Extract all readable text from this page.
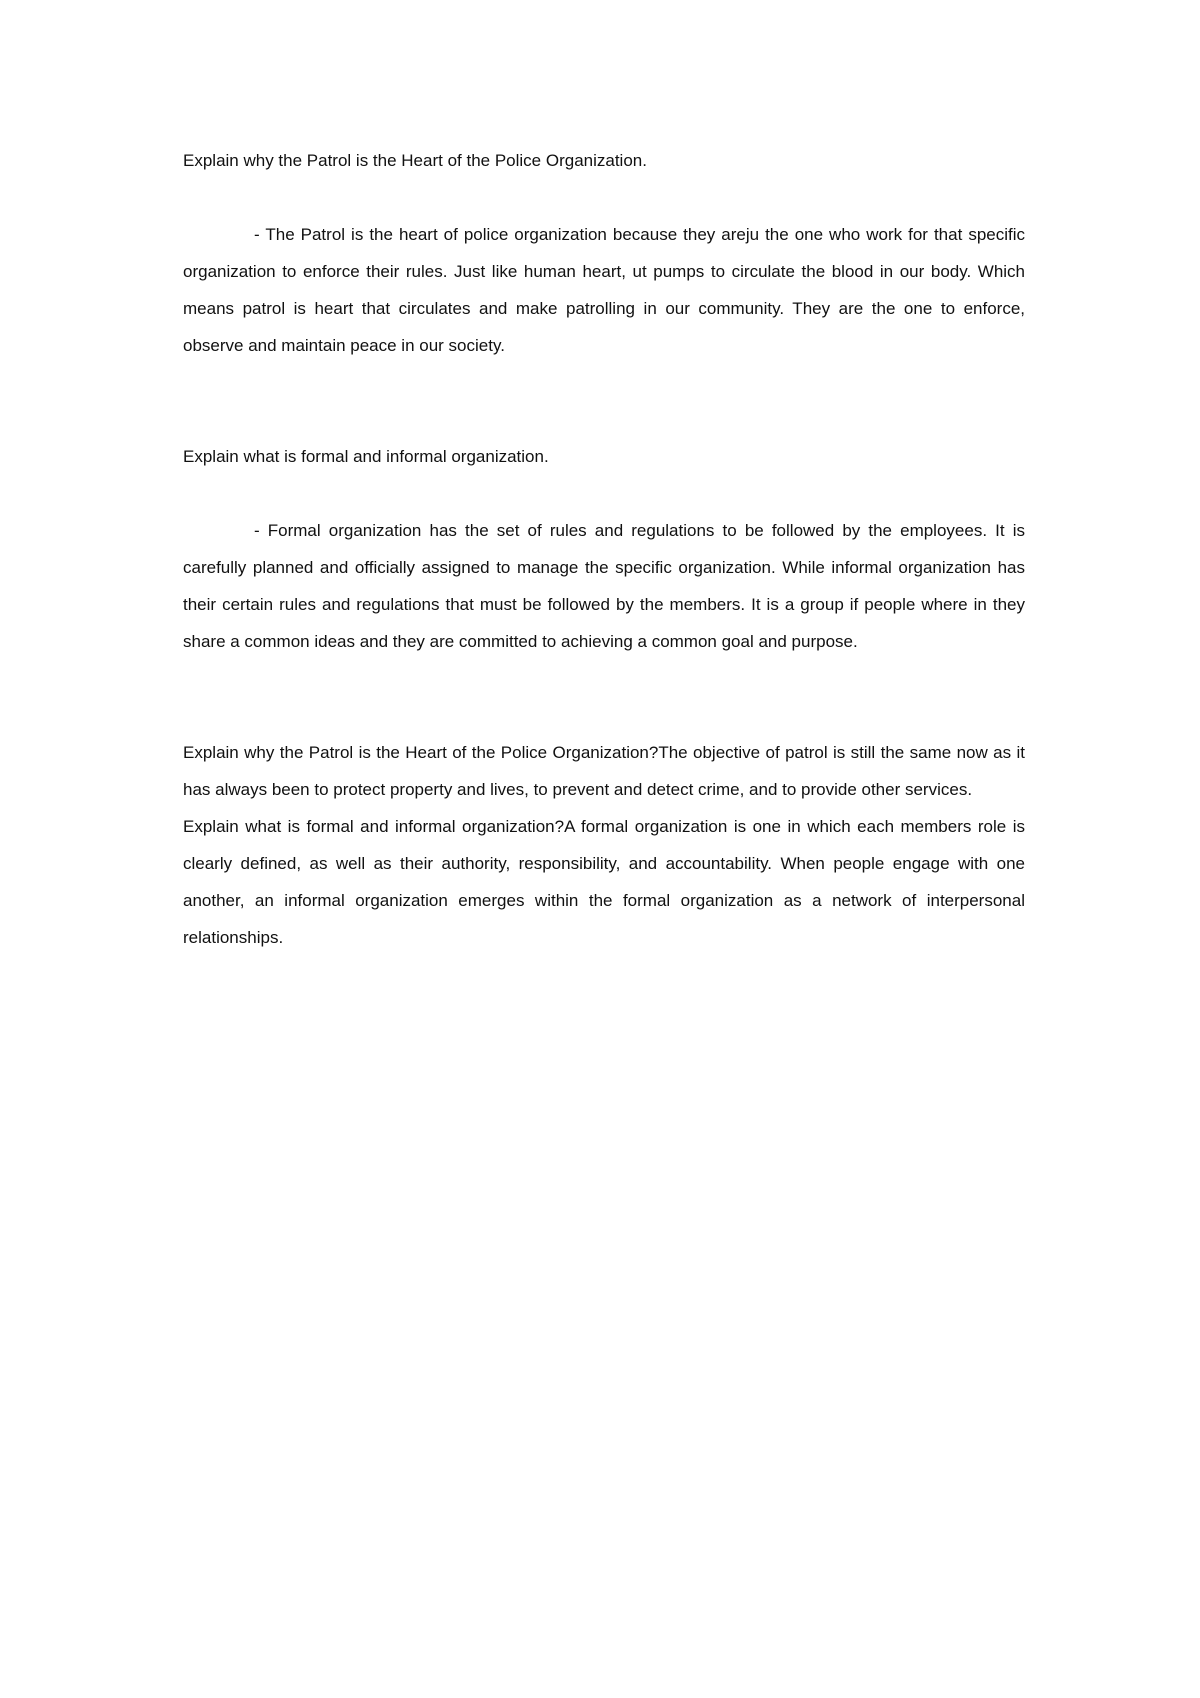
Explain why the Patrol is the Heart of the Police Organization.

- The Patrol is the heart of police organization because they areju the one who work for that specific organization to enforce their rules. Just like human heart, ut pumps to circulate the blood in our body. Which means patrol is heart that circulates and make patrolling in our community. They are the one to enforce, observe and maintain peace in our society.

Explain what is formal and informal organization.

- Formal organization has the set of rules and regulations to be followed by the employees. It is carefully planned and officially assigned to manage the specific organization. While informal organization has their certain rules and regulations that must be followed by the members. It is a group if people where in they share a common ideas and they are committed to achieving a common goal and purpose.

Explain why the Patrol is the Heart of the Police Organization?The objective of patrol is still the same now as it has always been to protect property and lives, to prevent and detect crime, and to provide other services.

Explain what is formal and informal organization?A formal organization is one in which each members role is clearly defined, as well as their authority, responsibility, and accountability. When people engage with one another, an informal organization emerges within the formal organization as a network of interpersonal relationships.
